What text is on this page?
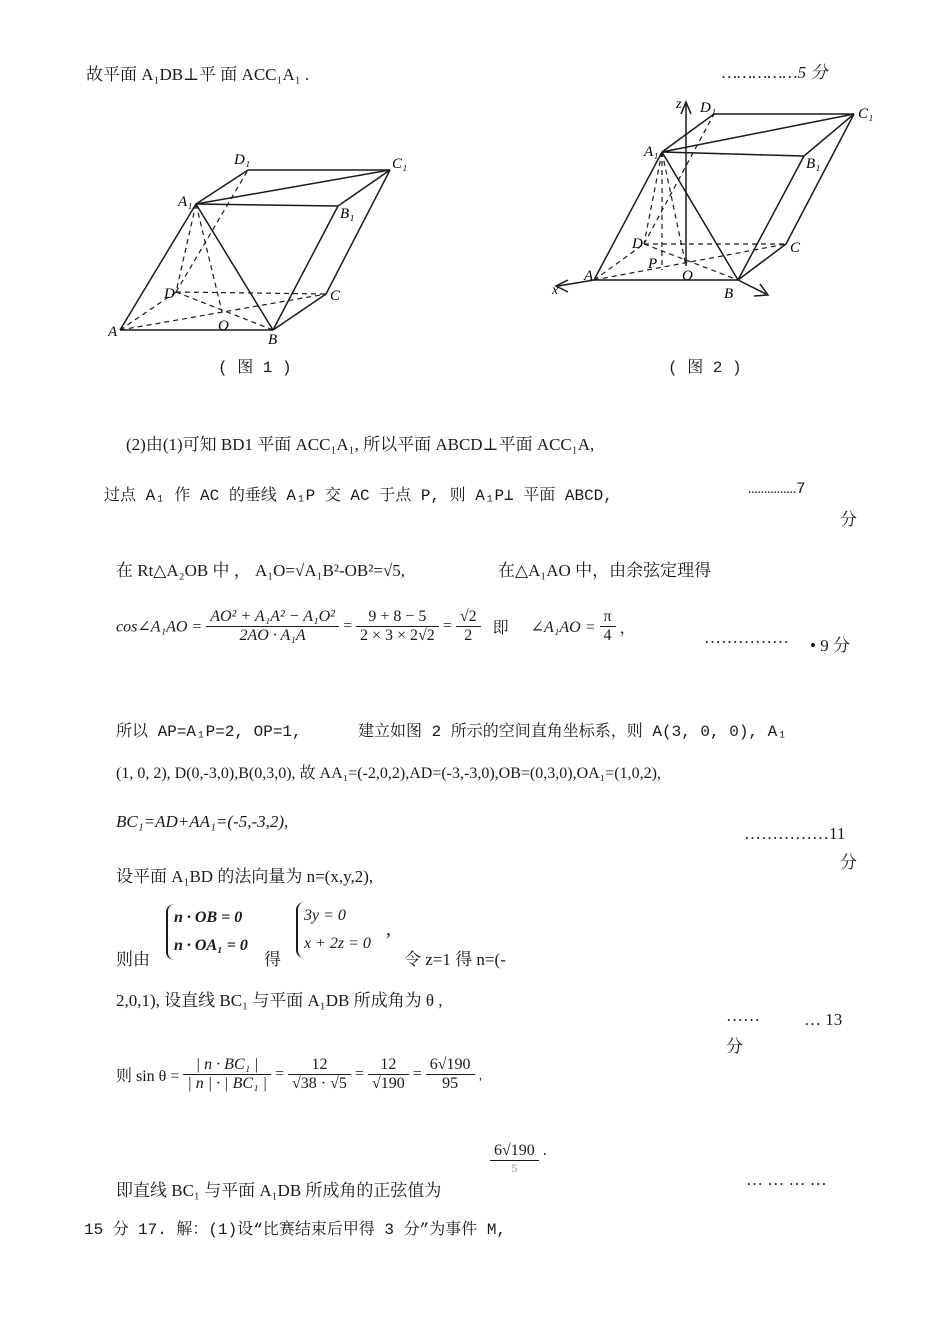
故平面 A₁DB⊥平 面 ACC₁A₁ .	……………5 分
A	B
C
D
O
A₁
B₁
C₁
D₁
( 图 1 )
A
B
C
D
O
P
A₁
B₁
C₁
D₁
z
x
( 图 2 )
(2)由(1)可知 BD1 平面 ACC₁A₁, 所以平面 ABCD⊥平面 ACC₁A,
过点 A₁ 作 AC 的垂线 A₁P 交 AC 于点 P, 则 A₁P⊥ 平面 ABCD,	……………7
分
在 Rt△A₂OB 中 ， A₁O=√A₁B²-OB²=√5,	在△A₁AO 中，由余弦定理得
cos∠A₁AO = $\frac{\text{AO² + A₁A² − A₁O²}}{\text{2AO · A₁A}} = \frac{9 + 8 - 5}{2 \times 3 \times 2√2} = \frac{√2}{2}$ 即 ∠A₁AO = $\frac{\pi}{4}$ ，	…………… • 9 分
所以 AP=A₁P=2, OP=1,	建立如图 2 所示的空间直角坐标系，则 A(3, 0, 0), A₁
(1, 0, 2), D(0,-3,0),B(0,3,0), 故 AA₁=(-2,0,2),AD=(-3,-3,0),OB=(0,3,0),OA₁=(1,0,2),
BC₁=AD+AA₁=(-5,-3,2),
……………11
分
设平面 A₁BD 的法向量为 n=(x,y,2),
则由
n · OB = 0
n · OA₁ = 0
得
3y = 0
x + 2z = 0
,
令 z=1 得 n=(-
2,0,1), 设直线 BC₁ 与平面 A₁DB 所成角为 θ ,
……	… 13
分
则 $\sin \theta = \frac{\text{| n · BC₁ |}}{\text{| n | · | BC₁ |}} = \frac{12}{√38 \cdot √5} = \frac{12}{√190} = \frac{6√190}{95}$ ，
$\frac{6√190}{5}$ .
即直线 BC₁ 与平面 A₁DB 所成角的正弦值为
… … … …
15 分 17. 解：(1)设“比赛结束后甲得 3 分”为事件 M,
